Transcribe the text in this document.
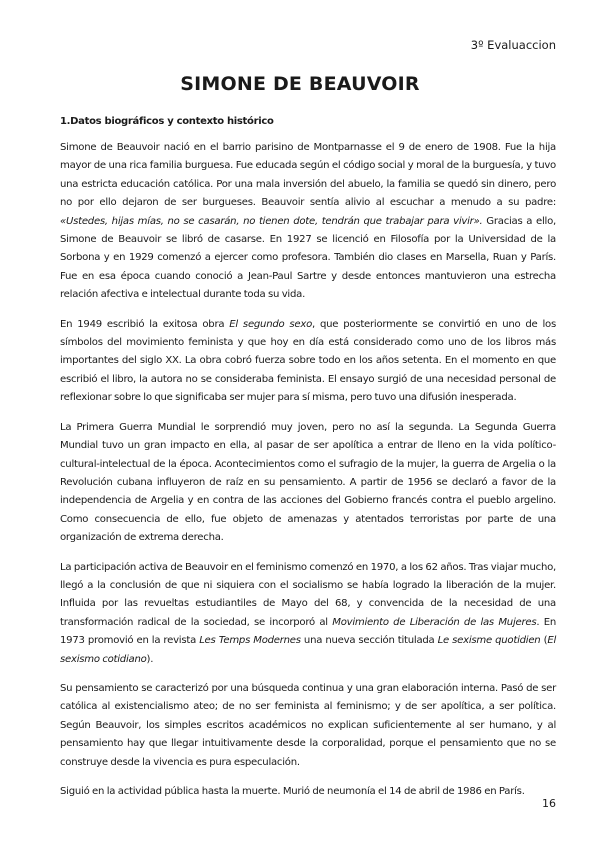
3º Evaluaccion
SIMONE DE BEAUVOIR
1.Datos biográficos y contexto histórico

Simone de Beauvoir nació en el barrio parisino de Montparnasse el 9 de enero de 1908. Fue la hija mayor de una rica familia burguesa. Fue educada según el código social y moral de la burguesía, y tuvo una estricta educación católica. Por una mala inversión del abuelo, la familia se quedó sin dinero, pero no por ello dejaron de ser burgueses. Beauvoir sentía alivio al escuchar a menudo a su padre: «Ustedes, hijas mías, no se casarán, no tienen dote, tendrán que trabajar para vivir». Gracias a ello, Simone de Beauvoir se libró de casarse. En 1927 se licenció en Filosofía por la Universidad de la Sorbona y en 1929 comenzó a ejercer como profesora. También dio clases en Marsella, Ruan y París. Fue en esa época cuando conoció a Jean-Paul Sartre y desde entonces mantuvieron una estrecha relación afectiva e intelectual durante toda su vida.

En 1949 escribió la exitosa obra El segundo sexo, que posteriormente se convirtió en uno de los símbolos del movimiento feminista y que hoy en día está considerado como uno de los libros más importantes del siglo XX. La obra cobró fuerza sobre todo en los años setenta. En el momento en que escribió el libro, la autora no se consideraba feminista. El ensayo surgió de una necesidad personal de reflexionar sobre lo que significaba ser mujer para sí misma, pero tuvo una difusión inesperada.

La Primera Guerra Mundial le sorprendió muy joven, pero no así la segunda. La Segunda Guerra Mundial tuvo un gran impacto en ella, al pasar de ser apolítica a entrar de lleno en la vida político-cultural-intelectual de la época. Acontecimientos como el sufragio de la mujer, la guerra de Argelia o la Revolución cubana influyeron de raíz en su pensamiento. A partir de 1956 se declaró a favor de la independencia de Argelia y en contra de las acciones del Gobierno francés contra el pueblo argelino. Como consecuencia de ello, fue objeto de amenazas y atentados terroristas por parte de una organización de extrema derecha.

La participación activa de Beauvoir en el feminismo comenzó en 1970, a los 62 años. Tras viajar mucho, llegó a la conclusión de que ni siquiera con el socialismo se había logrado la liberación de la mujer. Influida por las revueltas estudiantiles de Mayo del 68, y convencida de la necesidad de una transformación radical de la sociedad, se incorporó al Movimiento de Liberación de las Mujeres. En 1973 promovió en la revista Les Temps Modernes una nueva sección titulada Le sexisme quotidien (El sexismo cotidiano).

Su pensamiento se caracterizó por una búsqueda continua y una gran elaboración interna. Pasó de ser católica al existencialismo ateo; de no ser feminista al feminismo; y de ser apolítica, a ser política. Según Beauvoir, los simples escritos académicos no explican suficientemente al ser humano, y al pensamiento hay que llegar intuitivamente desde la corporalidad, porque el pensamiento que no se construye desde la vivencia es pura especulación.

Siguió en la actividad pública hasta la muerte. Murió de neumonía el 14 de abril de 1986 en París.

16
